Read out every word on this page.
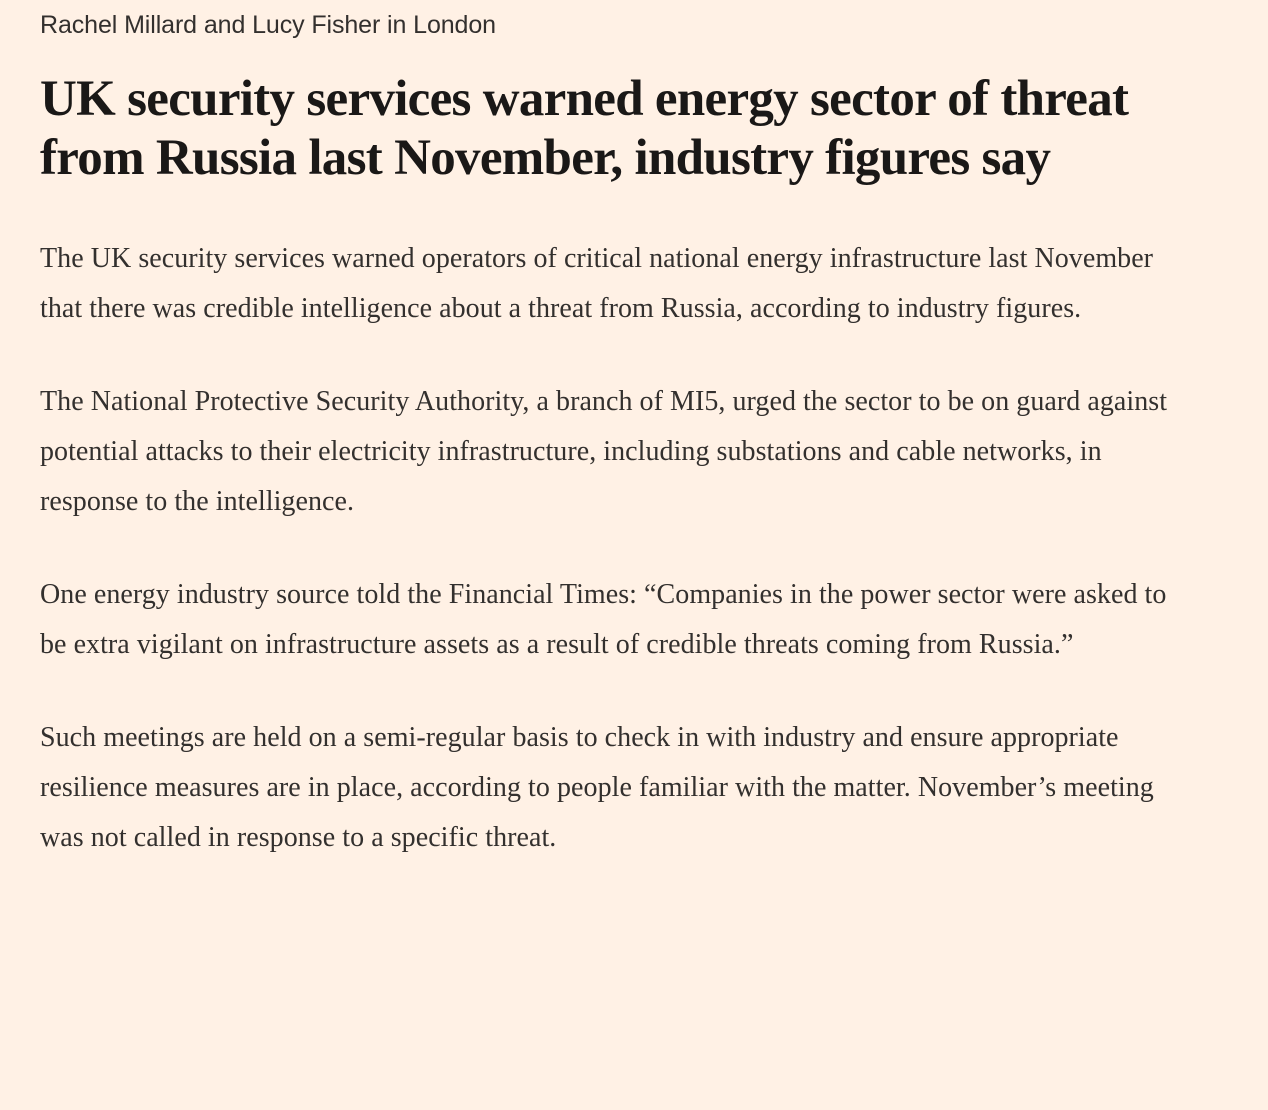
Rachel Millard and Lucy Fisher in London
UK security services warned energy sector of threat from Russia last November, industry figures say

The UK security services warned operators of critical national energy infrastructure last November that there was credible intelligence about a threat from Russia, according to industry figures.

The National Protective Security Authority, a branch of MI5, urged the sector to be on guard against potential attacks to their electricity infrastructure, including substations and cable networks, in response to the intelligence.

One energy industry source told the Financial Times: “Companies in the power sector were asked to be extra vigilant on infrastructure assets as a result of credible threats coming from Russia.”

Such meetings are held on a semi-regular basis to check in with industry and ensure appropriate resilience measures are in place, according to people familiar with the matter. November’s meeting was not called in response to a specific threat.
